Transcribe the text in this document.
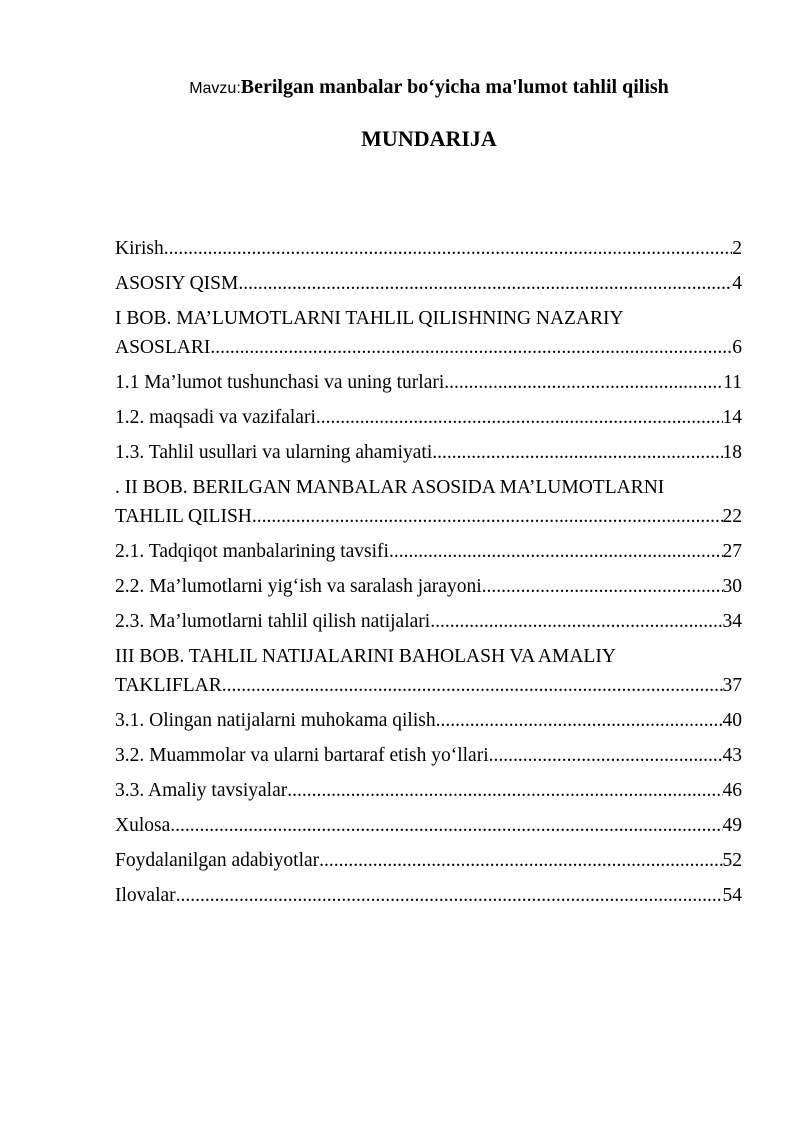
Mavzu:Berilgan manbalar bo‘yicha ma'lumot tahlil qilish
MUNDARIJA
Kirish .....	2
ASOSIY QISM .....	4
I BOB. MA’LUMOTLARNI TAHLIL QILISHNING NAZARIY
ASOSLARI .....	6
1.1 Ma’lumot tushunchasi va uning turlari .....	11
1.2. maqsadi va vazifalari .....	14
1.3. Tahlil usullari va ularning ahamiyati .....	18
. II BOB. BERILGAN MANBALAR ASOSIDA MA’LUMOTLARNI
TAHLIL QILISH .....	22
2.1. Tadqiqot manbalarining tavsifi .....	27
2.2. Ma’lumotlarni yig‘ish va saralash jarayoni .....	30
2.3. Ma’lumotlarni tahlil qilish natijalari .....	34
III BOB. TAHLIL NATIJALARINI BAHOLASH VA AMALIY
TAKLIFLAR .....	37
3.1. Olingan natijalarni muhokama qilish .....	40
3.2. Muammolar va ularni bartaraf etish yo‘llari .....	43
3.3. Amaliy tavsiyalar .....	46
Xulosa .....	49
Foydalanilgan adabiyotlar .....	52
Ilovalar .....	54
